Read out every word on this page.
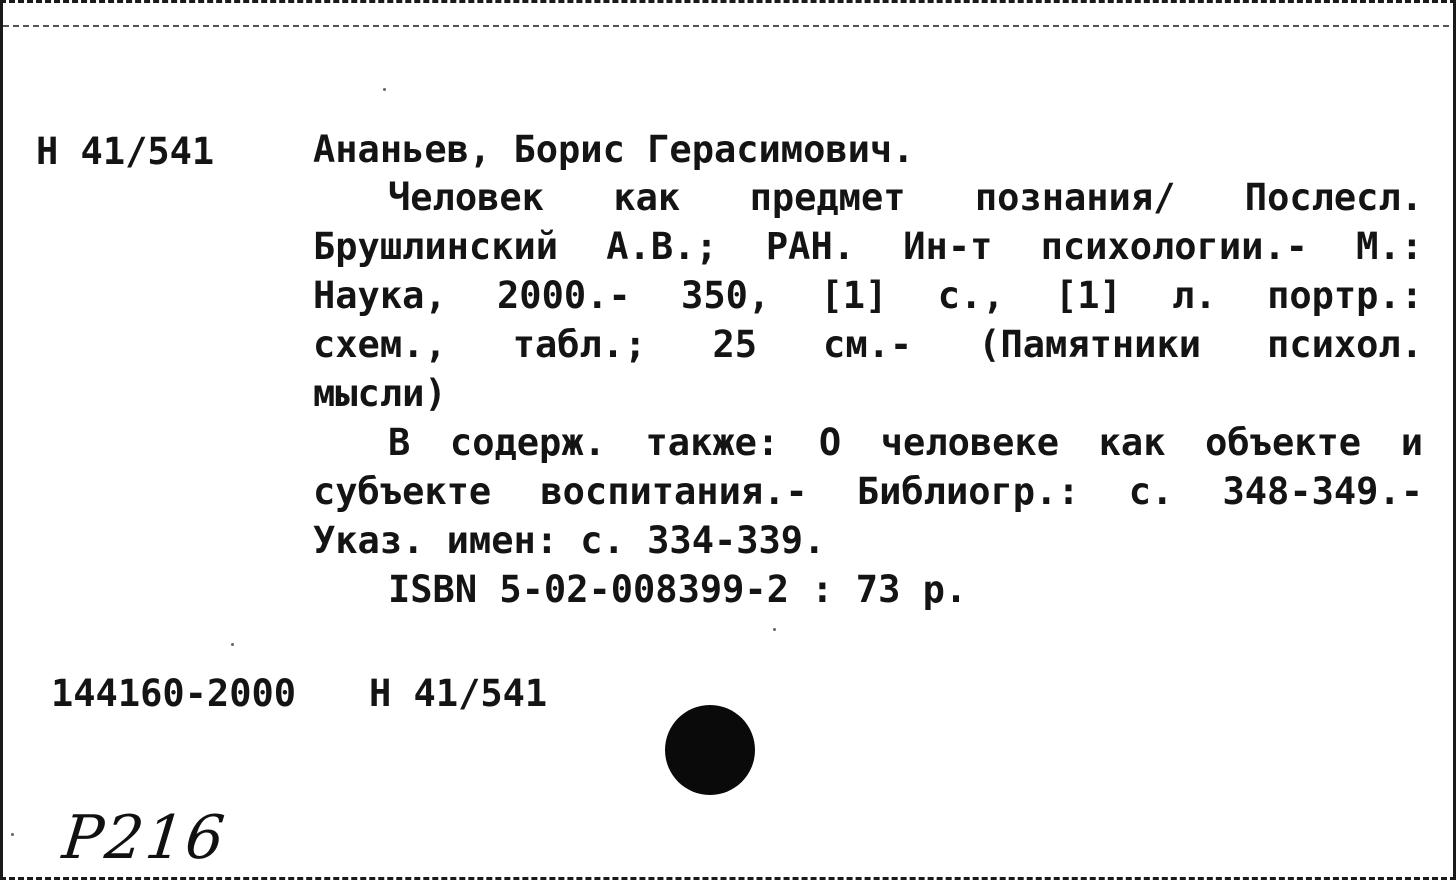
Н 41/541	Ананьев, Борис Герасимович.
Человек как предмет познания/ Послесл.
Брушлинский А.В.; РАН. Ин-т психологии.- М.:
Наука, 2000.- 350, [1] с., [1] л. портр.:
схем., табл.; 25 см.- (Памятники психол.
мысли)
В содерж. также: О человеке как объекте и
субъекте воспитания.- Библиогр.: с. 348-349.-
Указ. имен: с. 334-339.
ISBN 5-02-008399-2 : 73 р.
144160-2000 Н 41/541
Р216
